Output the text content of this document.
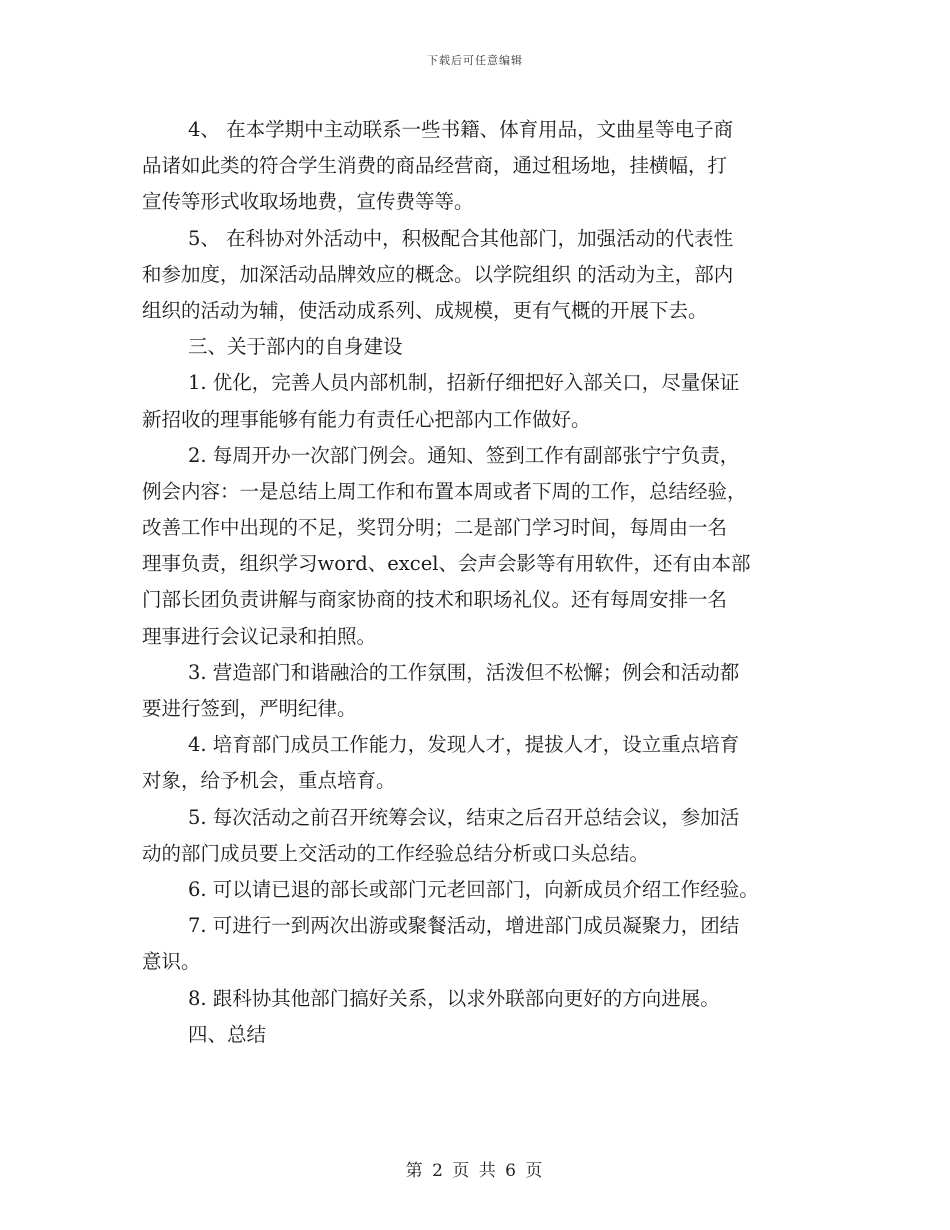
下载后可任意编辑

4、 在本学期中主动联系一些书籍、体育用品，文曲星等电子商
品诸如此类的符合学生消费的商品经营商，通过租场地，挂横幅，打
宣传等形式收取场地费，宣传费等等。

5、 在科协对外活动中，积极配合其他部门，加强活动的代表性
和参加度，加深活动品牌效应的概念。以学院组织 的活动为主，部内
组织的活动为辅，使活动成系列、成规模，更有气概的开展下去。

三、关于部内的自身建设

1. 优化，完善人员内部机制，招新仔细把好入部关口，尽量保证
新招收的理事能够有能力有责任心把部内工作做好。

2. 每周开办一次部门例会。通知、签到工作有副部张宁宁负责，
例会内容：一是总结上周工作和布置本周或者下周的工作，总结经验，
改善工作中出现的不足，奖罚分明；二是部门学习时间，每周由一名
理事负责，组织学习word、excel、会声会影等有用软件，还有由本部
门部长团负责讲解与商家协商的技术和职场礼仪。还有每周安排一名
理事进行会议记录和拍照。

3. 营造部门和谐融洽的工作氛围，活泼但不松懈；例会和活动都
要进行签到，严明纪律。

4. 培育部门成员工作能力，发现人才，提拔人才，设立重点培育
对象，给予机会，重点培育。

5. 每次活动之前召开统筹会议，结束之后召开总结会议，参加活
动的部门成员要上交活动的工作经验总结分析或口头总结。

6. 可以请已退的部长或部门元老回部门，向新成员介绍工作经验。

7. 可进行一到两次出游或聚餐活动，增进部门成员凝聚力，团结
意识。

8. 跟科协其他部门搞好关系，以求外联部向更好的方向进展。

四、总结

第 2 页 共 6 页
